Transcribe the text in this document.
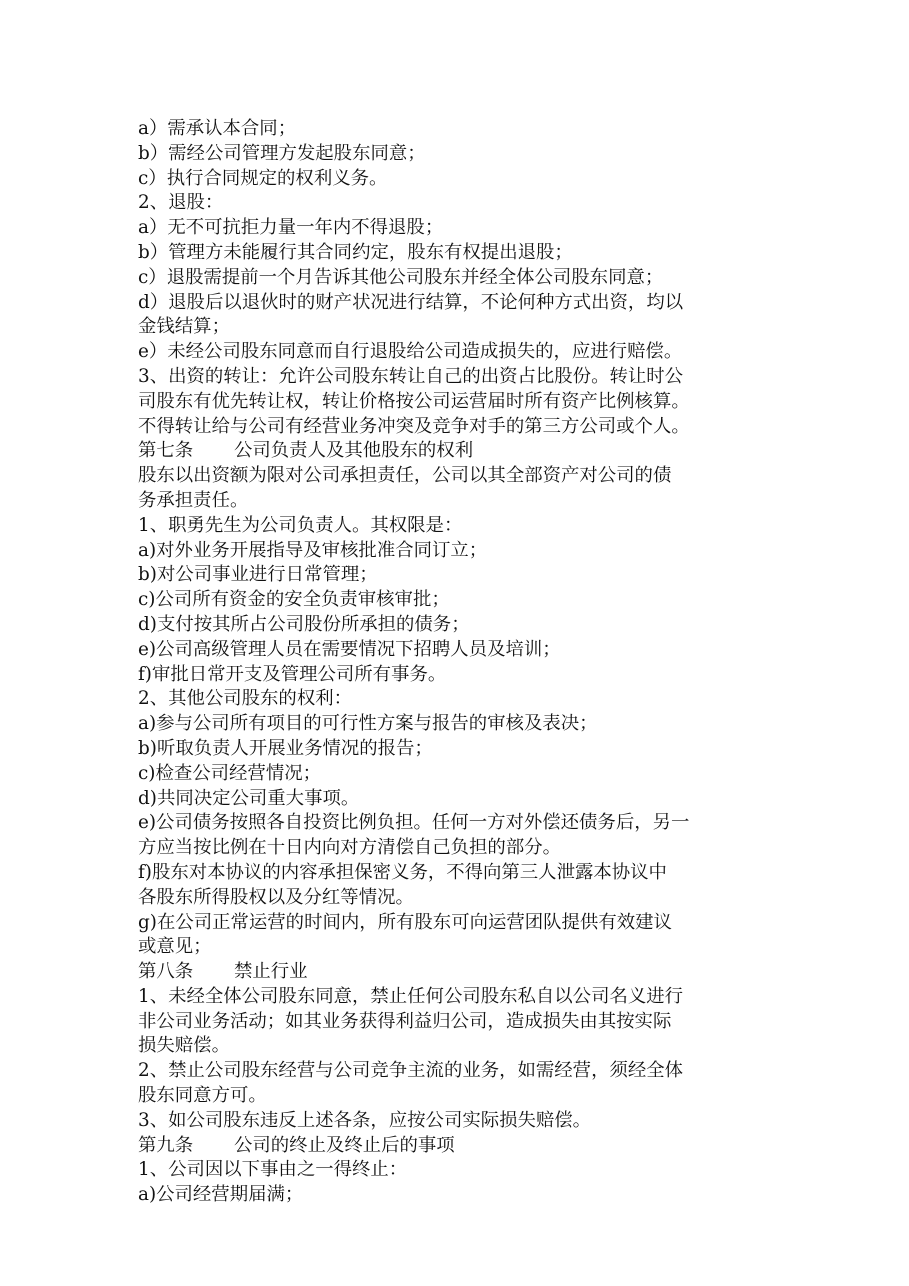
a）需承认本合同；

b）需经公司管理方发起股东同意；

c）执行合同规定的权利义务。

2、退股：

a）无不可抗拒力量一年内不得退股；

b）管理方未能履行其合同约定，股东有权提出退股；

c）退股需提前一个月告诉其他公司股东并经全体公司股东同意；

d）退股后以退伙时的财产状况进行结算，不论何种方式出资，均以

金钱结算；

e）未经公司股东同意而自行退股给公司造成损失的，应进行赔偿。

3、出资的转让：允许公司股东转让自己的出资占比股份。转让时公

司股东有优先转让权，转让价格按公司运营届时所有资产比例核算。

不得转让给与公司有经营业务冲突及竞争对手的第三方公司或个人。

第七条 公司负责人及其他股东的权利

股东以出资额为限对公司承担责任，公司以其全部资产对公司的债

务承担责任。

1、职勇先生为公司负责人。其权限是：

a)对外业务开展指导及审核批准合同订立；

b)对公司事业进行日常管理；

c)公司所有资金的安全负责审核审批；

d)支付按其所占公司股份所承担的债务；

e)公司高级管理人员在需要情况下招聘人员及培训；

f)审批日常开支及管理公司所有事务。

2、其他公司股东的权利：

a)参与公司所有项目的可行性方案与报告的审核及表决；

b)听取负责人开展业务情况的报告；

c)检查公司经营情况；

d)共同决定公司重大事项。

e)公司债务按照各自投资比例负担。任何一方对外偿还债务后，另一

方应当按比例在十日内向对方清偿自己负担的部分。

f)股东对本协议的内容承担保密义务，不得向第三人泄露本协议中

各股东所得股权以及分红等情况。

g)在公司正常运营的时间内，所有股东可向运营团队提供有效建议

或意见；

第八条 禁止行业

1、未经全体公司股东同意，禁止任何公司股东私自以公司名义进行

非公司业务活动；如其业务获得利益归公司，造成损失由其按实际

损失赔偿。

2、禁止公司股东经营与公司竞争主流的业务，如需经营，须经全体

股东同意方可。

3、如公司股东违反上述各条，应按公司实际损失赔偿。

第九条 公司的终止及终止后的事项

1、公司因以下事由之一得终止：

a)公司经营期届满；
